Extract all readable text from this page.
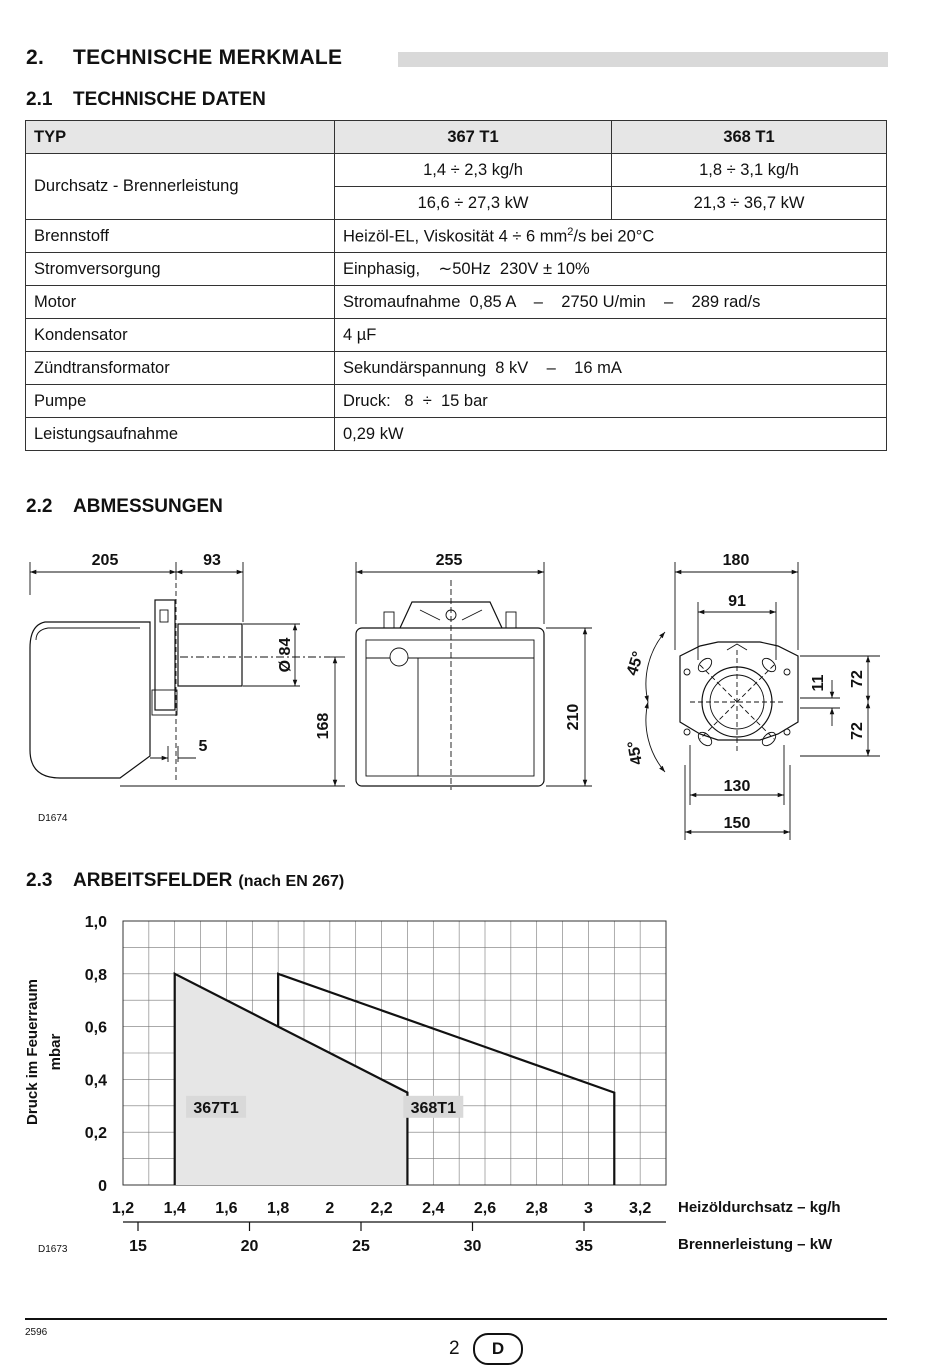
2. TECHNISCHE MERKMALE
2.1 TECHNISCHE DATEN
TYP	367 T1	368 T1
Durchsatz - Brennerleistung	1,4 ÷ 2,3 kg/h	1,8 ÷ 3,1 kg/h
	16,6 ÷ 27,3 kW	21,3 ÷ 36,7 kW
Brennstoff	Heizöl-EL, Viskosität 4 ÷ 6 $mm^2/s$ bei 20°C	
Stromversorgung	Einphasig,    ∼50Hz  230V ± 10%	
Motor	Stromaufnahme  0,85 A    –    2750 U/min    –    289 rad/s	
Kondensator	4 µF	
Zündtransformator	Sekundärspannung  8 kV    –    16 mA	
Pumpe	Druck:   8  ÷  15 bar	
Leistungsaufnahme	0,29 kW	
2.2 ABMESSUNGEN
205	93
Ø 84
168
5
255
210
180
91
11 72
72
130
150
45°
45°
D1674
2.3 ARBEITSFELDER (nach EN 267)
367T1	368T1
0
0,2
0,4
0,6
0,8
1,0
1,2 1,4 1,6 1,8 2 2,2 2,4 2,6 2,8 3 3,2
15	20	25	30	35
Druck im Feuerraum mbar
Heizöldurchsatz – kg/h
Brennerleistung – kW
D1673
2596
2	D
